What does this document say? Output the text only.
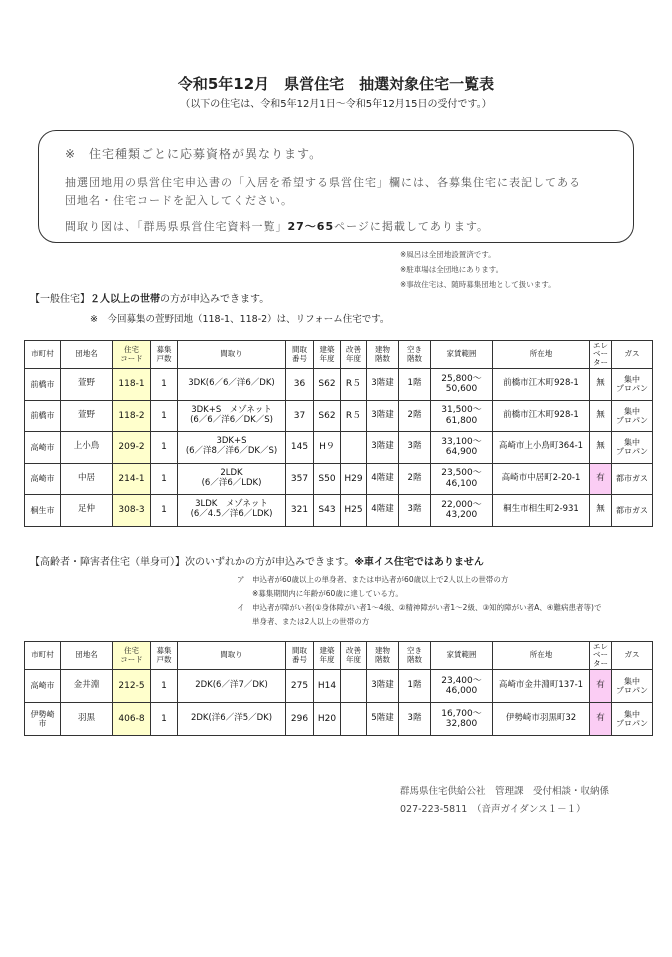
令和5年12月　県営住宅　抽選対象住宅一覧表
（以下の住宅は、令和5年12月1日～令和5年12月15日の受付です。）
※　住宅種類ごとに応募資格が異なります。
抽選団地用の県営住宅申込書の「入居を希望する県営住宅」欄には、各募集住宅に表記してある
団地名・住宅コードを記入してください。
間取り図は、「群馬県県営住宅資料一覧」27～65ページに掲載してあります。
※風呂は全団地設置済です。
※駐車場は全団地にあります。
※事故住宅は、随時募集団地として扱います。
【一般住宅】２人以上の世帯の方が申込みできます。
※　今回募集の萱野団地（118-1、118-2）は、リフォーム住宅です。
市町村	団地名	住宅
コード	募集
戸数	間取り	間取
番号	建築
年度	改善
年度	建物
階数	空き
階数	家賃範囲	所在地	エレ
ベー
ター	ガス
前橋市	萱野	118-1	1	3DK(6／6／洋6／DK)	36	S62	R５	3階建	1階	25,800～
50,600	前橋市江木町928-1	無	集中
プロパン
前橋市	萱野	118-2	1	3DK+S　メゾネット
(6／6／洋6／DK／S)	37	S62	R５	3階建	2階	31,500～
61,800	前橋市江木町928-1	無	集中
プロパン
高崎市	上小鳥	209-2	1	3DK+S
(6／洋8／洋6／DK／S)	145	H９		3階建	3階	33,100～
64,900	高崎市上小鳥町364-1	無	集中
プロパン
高崎市	中居	214-1	1	2LDK
(6／洋6／LDK)	357	S50	H29	4階建	2階	23,500～
46,100	高崎市中居町2-20-1	有	都市ガス
桐生市	足仲	308-3	1	3LDK　メゾネット
(6／4.5／洋6／LDK)	321	S43	H25	4階建	3階	22,000～
43,200	桐生市相生町2-931	無	都市ガス
【高齢者・障害者住宅（単身可）】次のいずれかの方が申込みできます。※車イス住宅ではありません
ア　申込者が60歳以上の単身者、または申込者が60歳以上で2人以上の世帯の方
※募集期間内に年齢が60歳に達している方。
イ　申込者が障がい者(①身体障がい者1～4級、②精神障がい者1～2級、③知的障がい者A、④難病患者等)で
単身者、または2人以上の世帯の方
市町村	団地名	住宅
コード	募集
戸数	間取り	間取
番号	建築
年度	改善
年度	建物
階数	空き
階数	家賃範囲	所在地	エレ
ベー
ター	ガス
高崎市	金井淵	212-5	1	2DK(6／洋7／DK)	275	H14		3階建	1階	23,400～
46,000	高崎市金井淵町137-1	有	集中
プロパン
伊勢崎市	羽黒	406-8	1	2DK(洋6／洋5／DK)	296	H20		5階建	3階	16,700～
32,800	伊勢崎市羽黒町32	有	集中
プロパン
群馬県住宅供給公社　管理課　受付相談・収納係
027-223-5811　（音声ガイダンス１－１）
